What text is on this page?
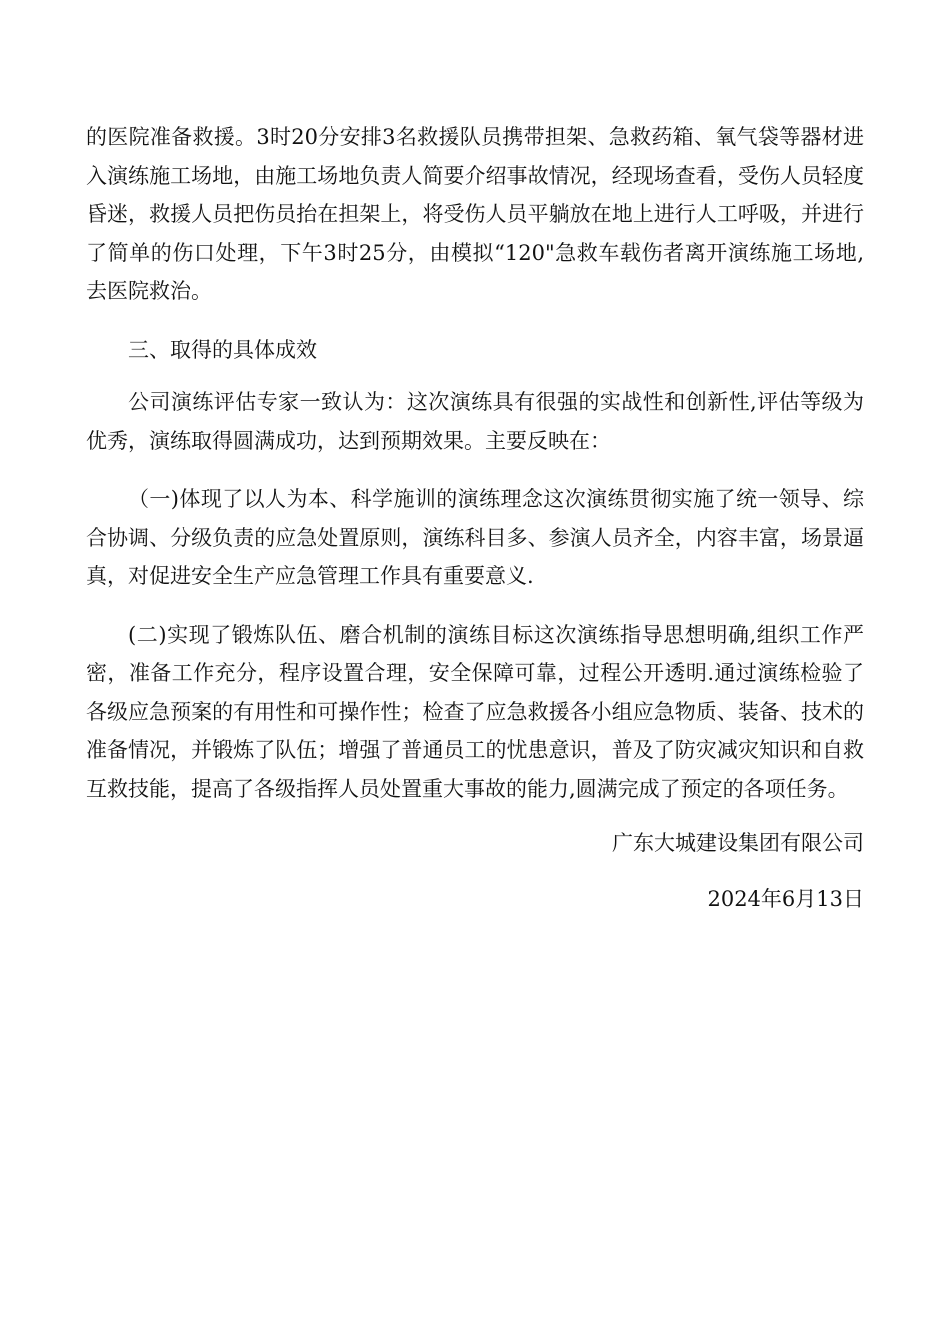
的医院准备救援。3时20分安排3名救援队员携带担架、急救药箱、氧气袋等器材进入演练施工场地，由施工场地负责人简要介绍事故情况，经现场查看，受伤人员轻度昏迷，救援人员把伤员抬在担架上，将受伤人员平躺放在地上进行人工呼吸，并进行了简单的伤口处理，下午3时25分，由模拟“120"急救车载伤者离开演练施工场地,去医院救治。

三、取得的具体成效

公司演练评估专家一致认为：这次演练具有很强的实战性和创新性,评估等级为优秀，演练取得圆满成功，达到预期效果。主要反映在：

（一)体现了以人为本、科学施训的演练理念这次演练贯彻实施了统一领导、综合协调、分级负责的应急处置原则，演练科目多、参演人员齐全，内容丰富，场景逼真，对促进安全生产应急管理工作具有重要意义.

(二)实现了锻炼队伍、磨合机制的演练目标这次演练指导思想明确,组织工作严密，准备工作充分，程序设置合理，安全保障可靠，过程公开透明.通过演练检验了各级应急预案的有用性和可操作性；检查了应急救援各小组应急物质、装备、技术的准备情况，并锻炼了队伍；增强了普通员工的忧患意识，普及了防灾减灾知识和自救互救技能，提高了各级指挥人员处置重大事故的能力,圆满完成了预定的各项任务。

广东大城建设集团有限公司

2024年6月13日
